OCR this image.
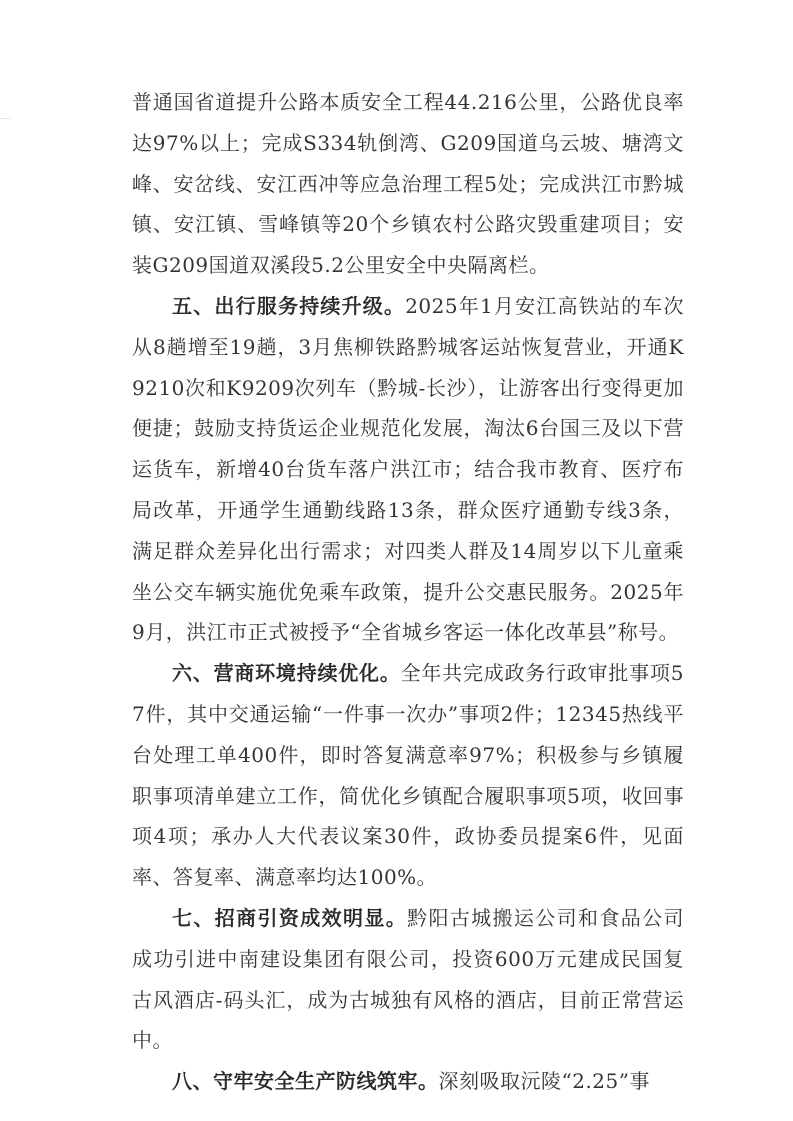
普通国省道提升公路本质安全工程44.216公里，公路优良率达97%以上；完成S334轨倒湾、G209国道乌云坡、塘湾文峰、安岔线、安江西冲等应急治理工程5处；完成洪江市黔城镇、安江镇、雪峰镇等20个乡镇农村公路灾毁重建项目；安装G209国道双溪段5.2公里安全中央隔离栏。

五、出行服务持续升级。2025年1月安江高铁站的车次从8趟增至19趟，3月焦柳铁路黔城客运站恢复营业，开通K9210次和K9209次列车（黔城-长沙），让游客出行变得更加便捷；鼓励支持货运企业规范化发展，淘汰6台国三及以下营运货车，新增40台货车落户洪江市；结合我市教育、医疗布局改革，开通学生通勤线路13条，群众医疗通勤专线3条，满足群众差异化出行需求；对四类人群及14周岁以下儿童乘坐公交车辆实施优免乘车政策，提升公交惠民服务。2025年9月，洪江市正式被授予“全省城乡客运一体化改革县”称号。

六、营商环境持续优化。全年共完成政务行政审批事项57件，其中交通运输“一件事一次办”事项2件；12345热线平台处理工单400件，即时答复满意率97%；积极参与乡镇履职事项清单建立工作，简优化乡镇配合履职事项5项，收回事项4项；承办人大代表议案30件，政协委员提案6件，见面率、答复率、满意率均达100%。

七、招商引资成效明显。黔阳古城搬运公司和食品公司成功引进中南建设集团有限公司，投资600万元建成民国复古风酒店-码头汇，成为古城独有风格的酒店，目前正常营运中。

八、守牢安全生产防线筑牢。深刻吸取沅陵“2.25”事
